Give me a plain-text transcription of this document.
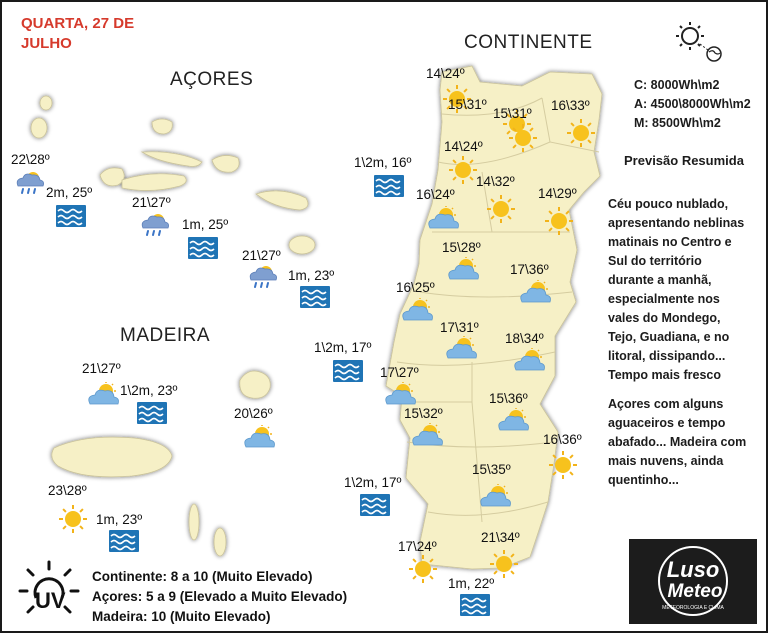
QUARTA, 27 DE
JULHO	CONTINENTE
AÇORES
MADEIRA
C: 8000Wh\m2
A: 4500\8000Wh\m2
M: 8500Wh\m2
Previsão Resumida
Céu pouco nublado,
apresentando neblinas
matinais no Centro e
Sul do território
durante a manhã,
especialmente nos
vales do Mondego,
Tejo, Guadiana, e no
litoral, dissipando...
Tempo mais fresco
Açores com alguns
aguaceiros e tempo
abafado... Madeira com
mais nuvens, ainda
quentinho...
14\24º
15\31º
15\31º
16\33º
14\24º
14\32º
16\24º	14\29º
15\28º
17\36º
16\25º
17\31º
18\34º
17\27º
15\32º
15\36º
16\36º
15\35º
17\24º
21\34º
1\2m, 16º
1\2m, 17º
1\2m, 17º
1m, 22º
22\28º
21\27º
21\27º
2m, 25º
1m, 25º
1m, 23º
21\27º
20\26º
23\28º
1\2m, 23º
1m, 23º
UV
Continente: 8 a 10 (Muito Elevado)
Açores: 5 a 9 (Elevado a Muito Elevado)
Madeira: 10 (Muito Elevado)
Luso
Meteo
METEOROLOGIA E CLIMA
